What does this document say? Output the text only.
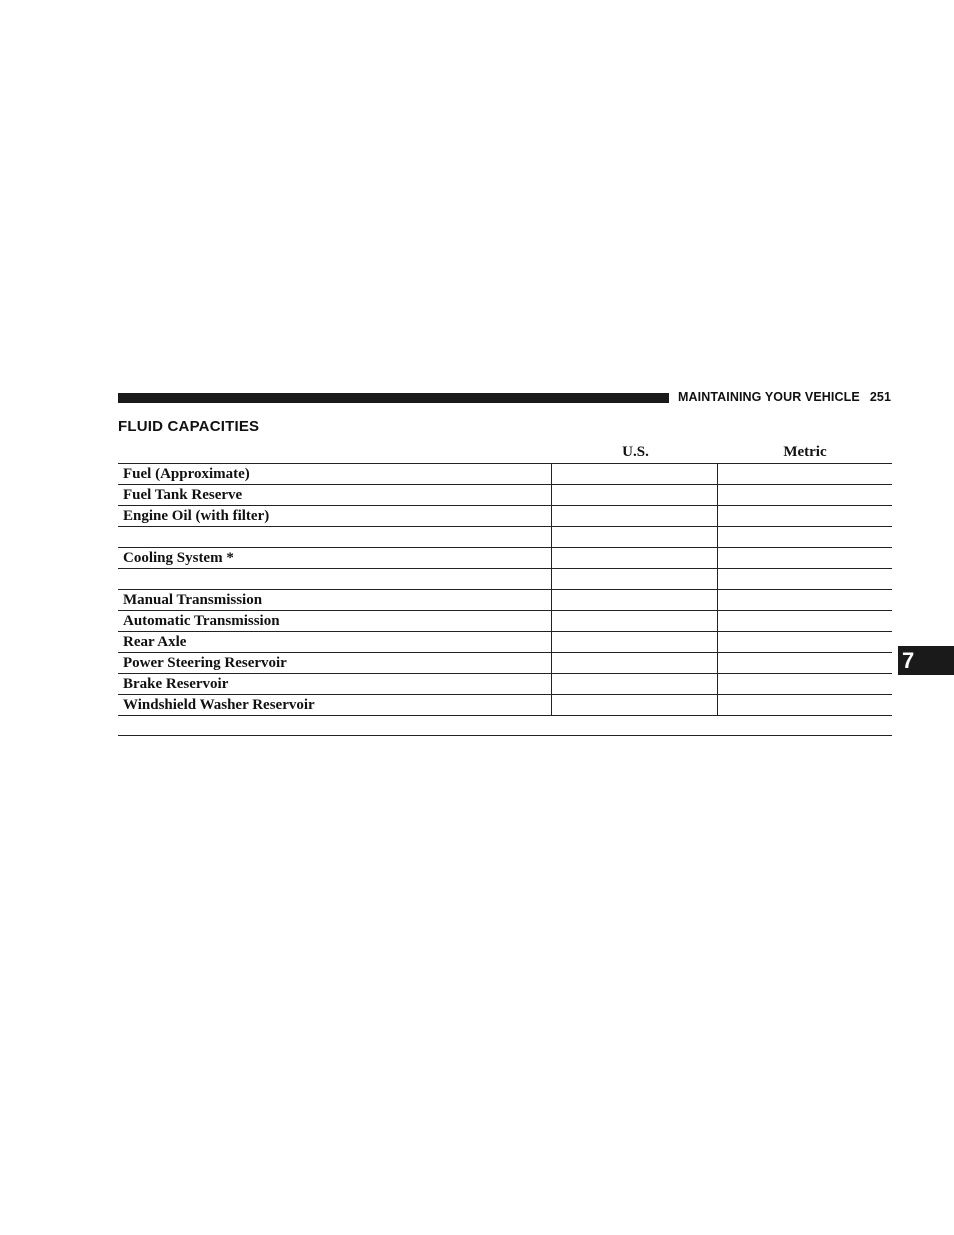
MAINTAINING YOUR VEHICLE 251
FLUID CAPACITIES
U.S.	Metric
Fuel (Approximate)
Fuel Tank Reserve
Engine Oil (with filter)
Cooling System *
Manual Transmission
Automatic Transmission
Rear Axle
Power Steering Reservoir
Brake Reservoir
Windshield Washer Reservoir
7
